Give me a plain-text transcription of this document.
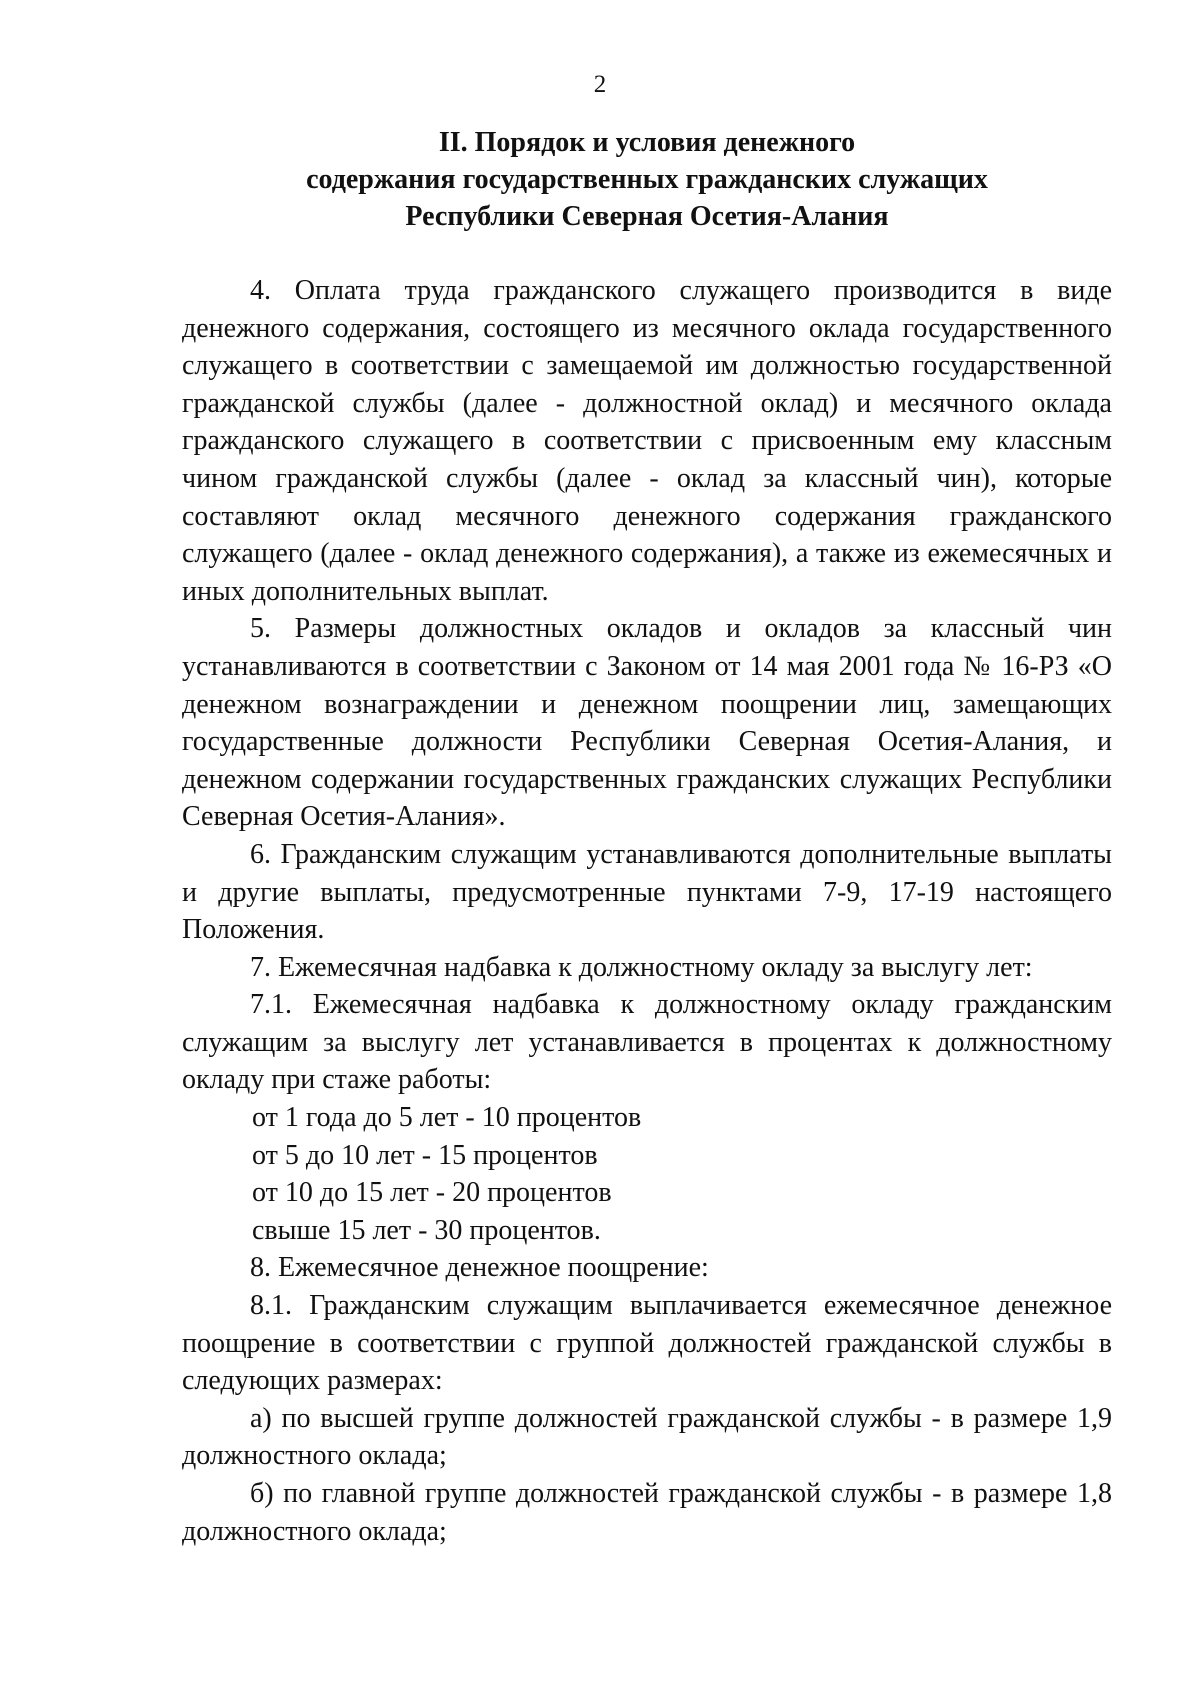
2
II. Порядок и условия денежного
содержания государственных гражданских служащих
Республики Северная Осетия-Алания

4. Оплата труда гражданского служащего производится в виде денежного содержания, состоящего из месячного оклада государственного служащего в соответствии с замещаемой им должностью государственной гражданской службы (далее - должностной оклад) и месячного оклада гражданского служащего в соответствии с присвоенным ему классным чином гражданской службы (далее - оклад за классный чин), которые составляют оклад месячного денежного содержания гражданского служащего (далее - оклад денежного содержания), а также из ежемесячных и иных дополнительных выплат.

5. Размеры должностных окладов и окладов за классный чин устанавливаются в соответствии с Законом от 14 мая 2001 года № 16-РЗ «О денежном вознаграждении и денежном поощрении лиц, замещающих государственные должности Республики Северная Осетия-Алания, и денежном содержании государственных гражданских служащих Республики Северная Осетия-Алания».

6. Гражданским служащим устанавливаются дополнительные выплаты и другие выплаты, предусмотренные пунктами 7-9, 17-19 настоящего Положения.

7. Ежемесячная надбавка к должностному окладу за выслугу лет:

7.1. Ежемесячная надбавка к должностному окладу гражданским служащим за выслугу лет устанавливается в процентах к должностному окладу при стаже работы:

от 1 года до 5 лет - 10 процентов

от 5 до 10 лет - 15 процентов

от 10 до 15 лет - 20 процентов

свыше 15 лет - 30 процентов.

8. Ежемесячное денежное поощрение:

8.1. Гражданским служащим выплачивается ежемесячное денежное поощрение в соответствии с группой должностей гражданской службы в следующих размерах:

а) по высшей группе должностей гражданской службы - в размере 1,9 должностного оклада;

б) по главной группе должностей гражданской службы - в размере 1,8 должностного оклада;
